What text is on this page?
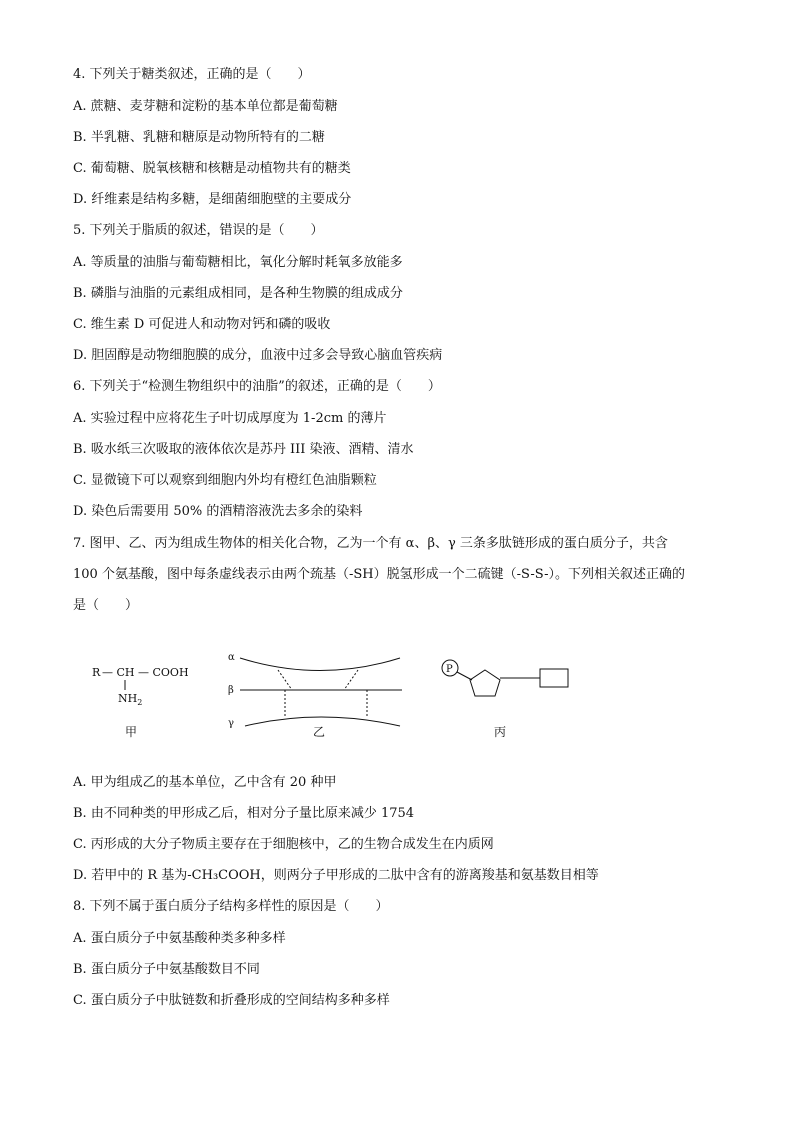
4. 下列关于糖类叙述，正确的是（　　）
A. 蔗糖、麦芽糖和淀粉的基本单位都是葡萄糖
B. 半乳糖、乳糖和糖原是动物所特有的二糖
C. 葡萄糖、脱氧核糖和核糖是动植物共有的糖类
D. 纤维素是结构多糖，是细菌细胞壁的主要成分
5. 下列关于脂质的叙述，错误的是（　　）
A. 等质量的油脂与葡萄糖相比，氧化分解时耗氧多放能多
B. 磷脂与油脂的元素组成相同，是各种生物膜的组成成分
C. 维生素 D 可促进人和动物对钙和磷的吸收
D. 胆固醇是动物细胞膜的成分，血液中过多会导致心脑血管疾病
6. 下列关于“检测生物组织中的油脂”的叙述，正确的是（　　）
A. 实验过程中应将花生子叶切成厚度为 1-2cm 的薄片
B. 吸水纸三次吸取的液体依次是苏丹 III 染液、酒精、清水
C. 显微镜下可以观察到细胞内外均有橙红色油脂颗粒
D. 染色后需要用 50% 的酒精溶液洗去多余的染料
7. 图甲、乙、丙为组成生物体的相关化合物，乙为一个有 α、β、γ 三条多肽链形成的蛋白质分子，共含
100 个氨基酸，图中每条虚线表示由两个巯基（-SH）脱氢形成一个二硫键（-S-S-）。下列相关叙述正确的
是（　　）
R — CH — COOH
$NH_2$
甲
α
β
γ
乙
P
丙
A. 甲为组成乙的基本单位，乙中含有 20 种甲
B. 由不同种类的甲形成乙后，相对分子量比原来减少 1754
C. 丙形成的大分子物质主要存在于细胞核中，乙的生物合成发生在内质网
D. 若甲中的 R 基为-CH₃COOH，则两分子甲形成的二肽中含有的游离羧基和氨基数目相等
8. 下列不属于蛋白质分子结构多样性的原因是（　　）
A. 蛋白质分子中氨基酸种类多种多样
B. 蛋白质分子中氨基酸数目不同
C. 蛋白质分子中肽链数和折叠形成的空间结构多种多样
